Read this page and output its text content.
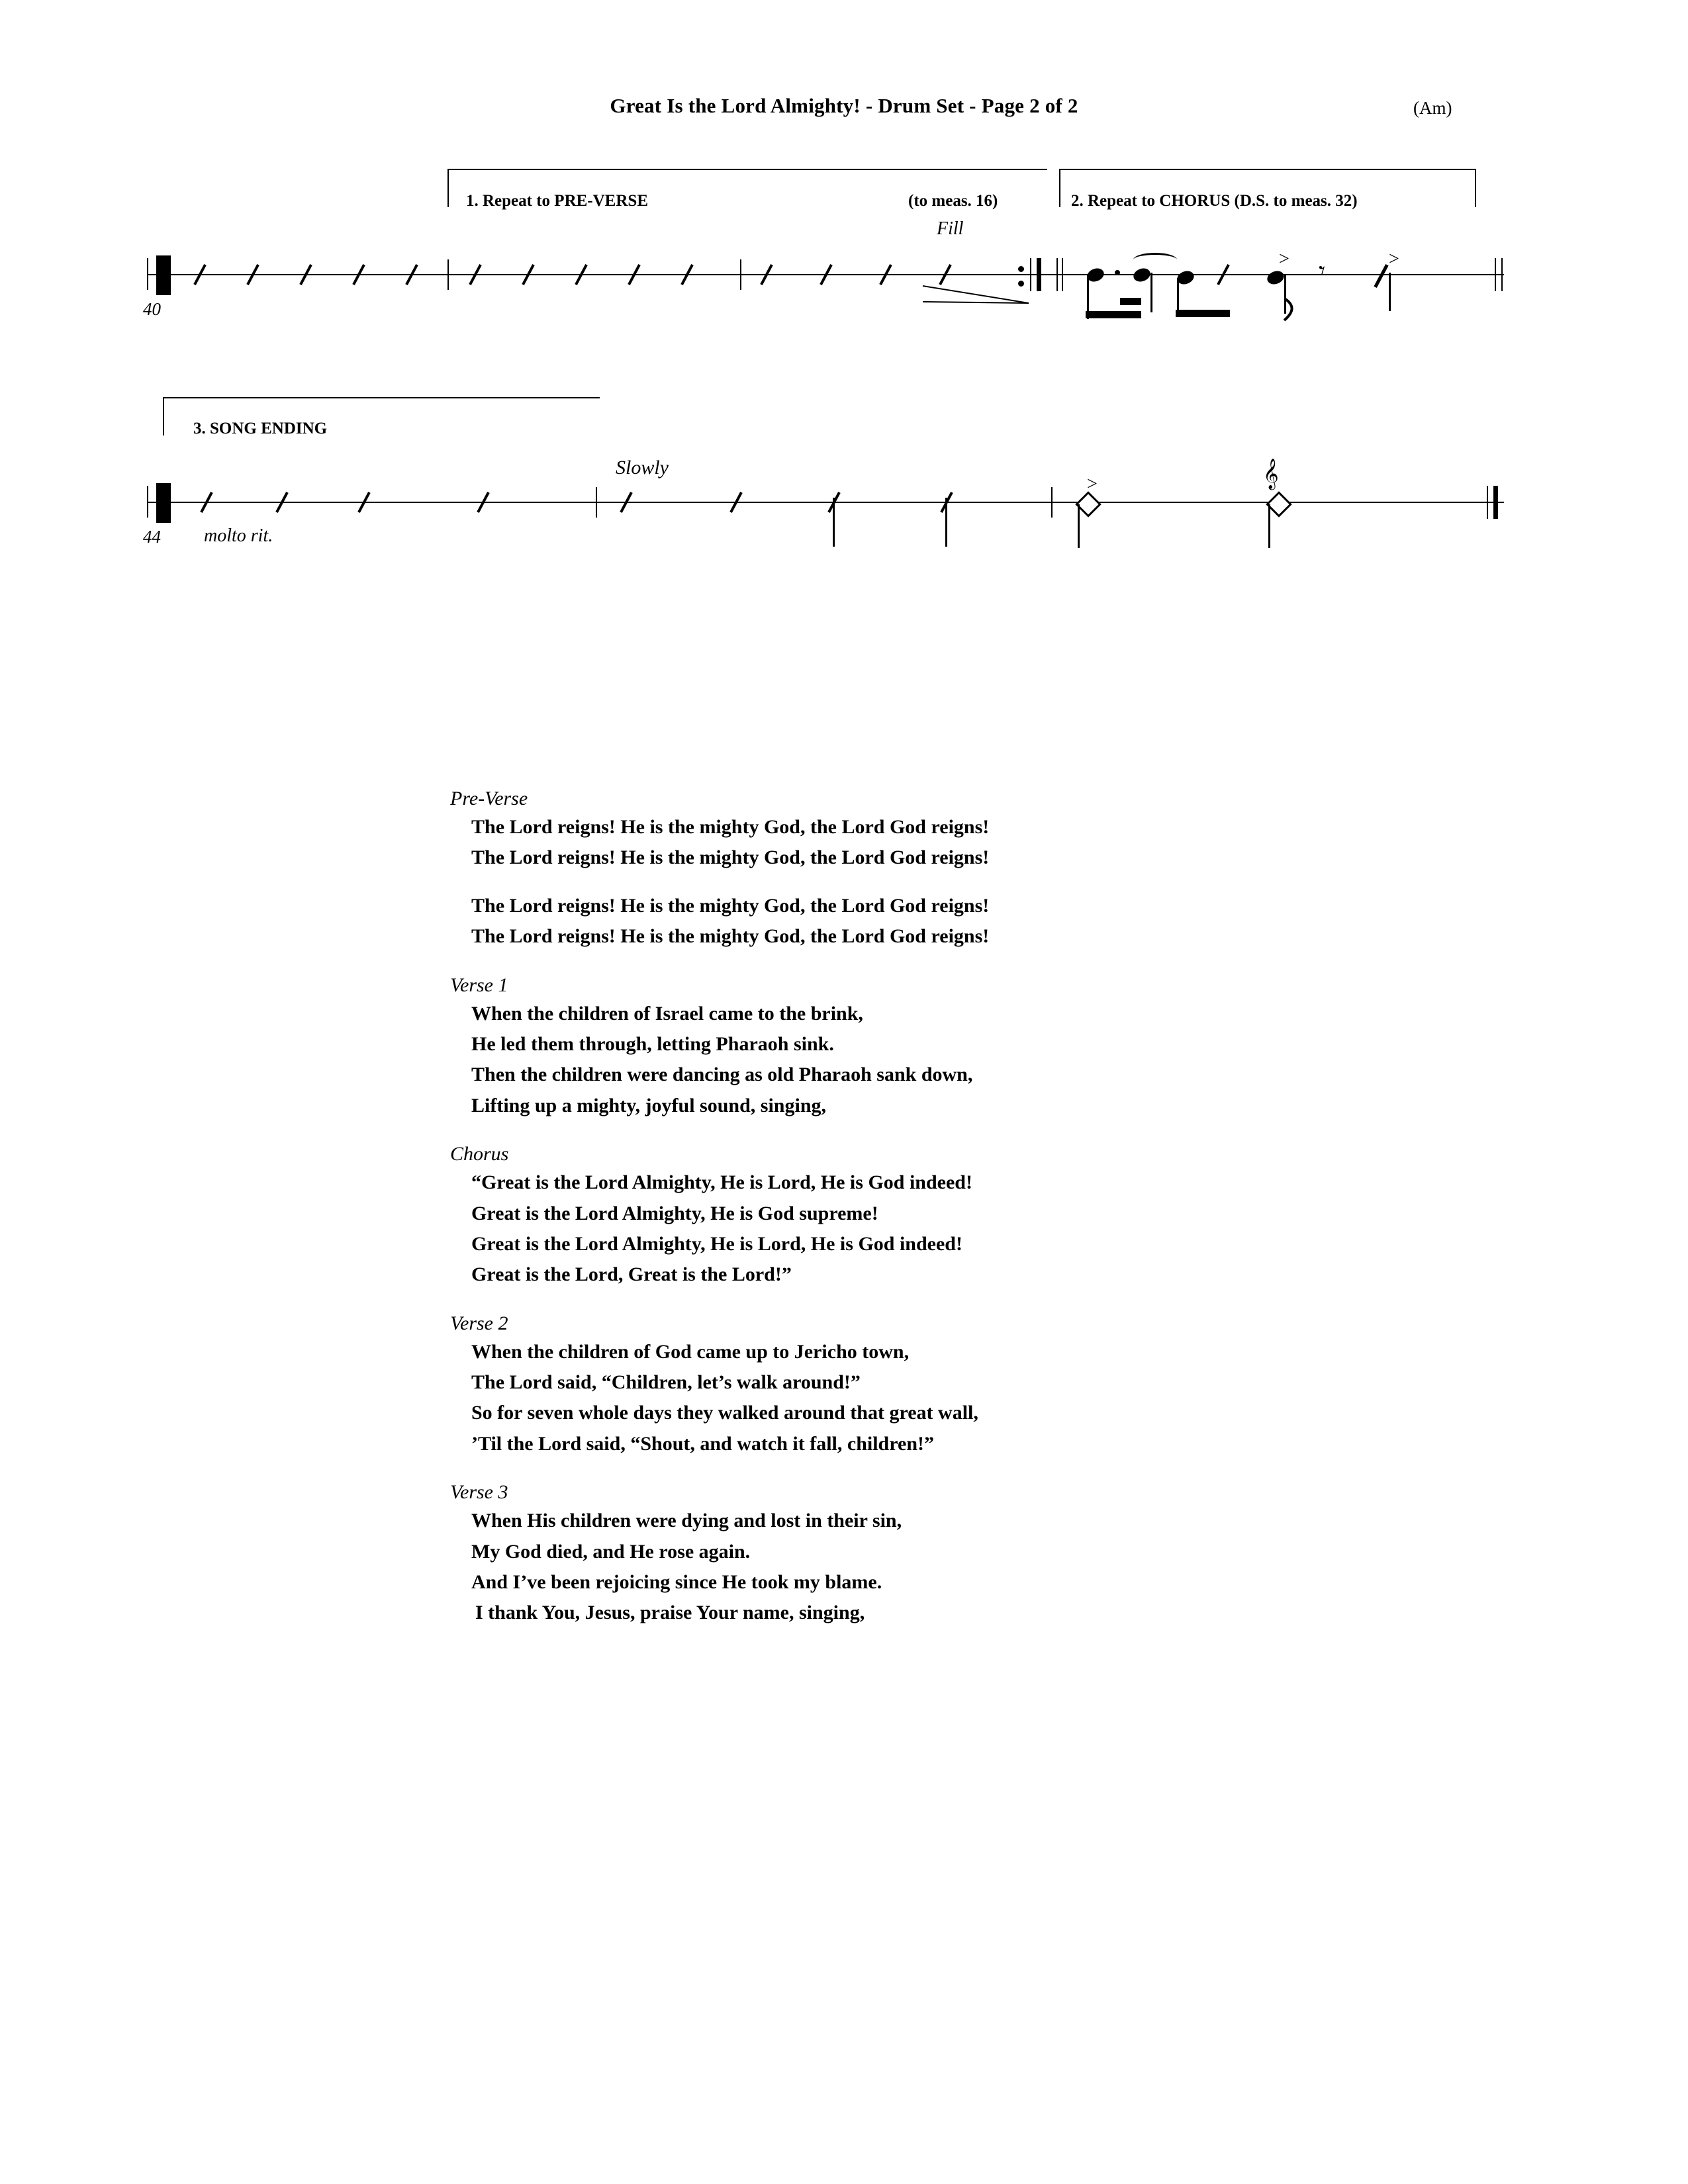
Great Is the Lord Almighty! - Drum Set - Page 2 of 2	(Am)
1. Repeat to PRE-VERSE	(to meas. 16)	2. Repeat to CHORUS (D.S. to meas. 32)
Fill
40
> 𝄾	>
3. SONG ENDING
Slowly
44 molto rit.
>	𝄞
Pre-Verse
The Lord reigns! He is the mighty God, the Lord God reigns!
The Lord reigns! He is the mighty God, the Lord God reigns!
The Lord reigns! He is the mighty God, the Lord God reigns!
The Lord reigns! He is the mighty God, the Lord God reigns!
Verse 1
When the children of Israel came to the brink,
He led them through, letting Pharaoh sink.
Then the children were dancing as old Pharaoh sank down,
Lifting up a mighty, joyful sound, singing,
Chorus
“Great is the Lord Almighty, He is Lord, He is God indeed!
Great is the Lord Almighty, He is God supreme!
Great is the Lord Almighty, He is Lord, He is God indeed!
Great is the Lord, Great is the Lord!”
Verse 2
When the children of God came up to Jericho town,
The Lord said, “Children, let’s walk around!”
So for seven whole days they walked around that great wall,
’Til the Lord said, “Shout, and watch it fall, children!”
Verse 3
When His children were dying and lost in their sin,
My God died, and He rose again.
And I’ve been rejoicing since He took my blame.
I thank You, Jesus, praise Your name, singing,
